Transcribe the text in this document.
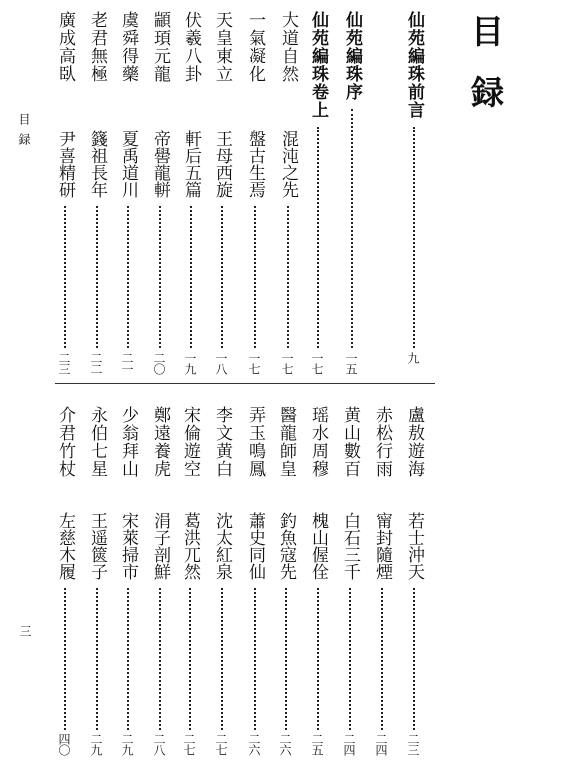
目録
目録
三
仙苑編珠前言
九
仙苑編珠序
一五
仙苑編珠卷上
一七
大道自然
混沌之先
一七
一氣凝化
盤古生焉
一七
天皇東立
王母西旋
一八
伏羲八卦
軒后五篇
一九
顓頊元龍
帝嚳龍軿
二〇
虞舜得藥
夏禹道川
二一
老君無極
籛祖長年
二二
廣成高臥
尹喜精研
二三
盧敖遊海
若士沖天
二三
赤松行雨
甯封隨煙
二四
黄山數百
白石三千
二四
瑶水周穆
槐山偓佺
二五
醫龍師皇
釣魚寇先
二六
弄玉鳴鳳
蕭史同仙
二六
李文黄白
沈太紅泉
二七
宋倫遊空
葛洪兀然
二七
鄭遠養虎
涓子剖鮮
二八
少翁拜山
宋萊掃市
二九
永伯七星
王遥篋子
二九
介君竹杖
左慈木履
四〇
